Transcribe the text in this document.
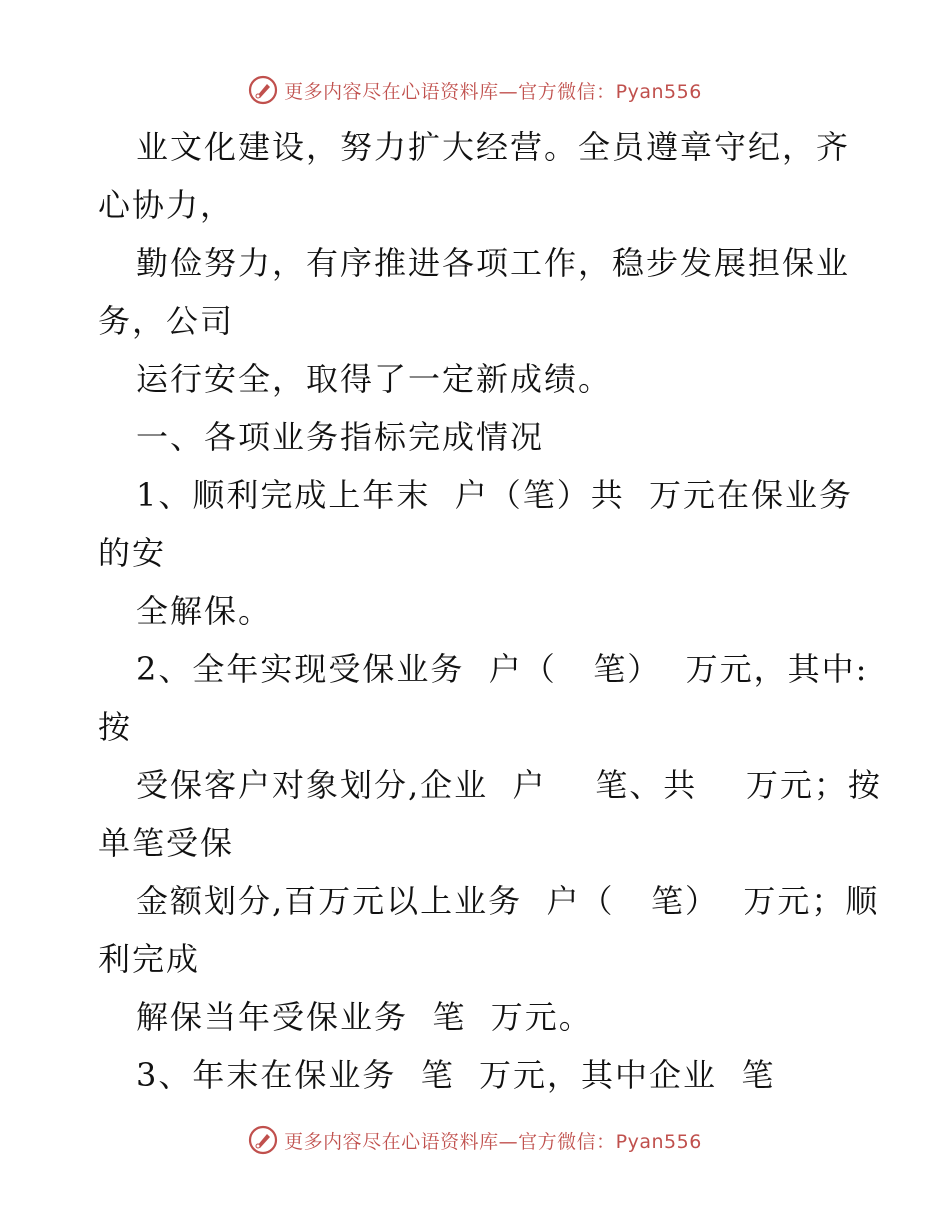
更多内容尽在心语资料库—官方微信：Pyan556
业文化建设，努力扩大经营。全员遵章守纪，齐
心协力，
勤俭努力，有序推进各项工作，稳步发展担保业
务，公司
运行安全，取得了一定新成绩。
一、各项业务指标完成情况
1、顺利完成上年末  户（笔）共  万元在保业务
的安
全解保。
2、全年实现受保业务  户（   笔）  万元，其中:
按
受保客户对象划分,企业  户    笔、共    万元；按
单笔受保
金额划分,百万元以上业务  户（   笔）  万元；顺
利完成
解保当年受保业务  笔  万元。
3、年末在保业务  笔  万元，其中企业  笔
更多内容尽在心语资料库—官方微信：Pyan556
